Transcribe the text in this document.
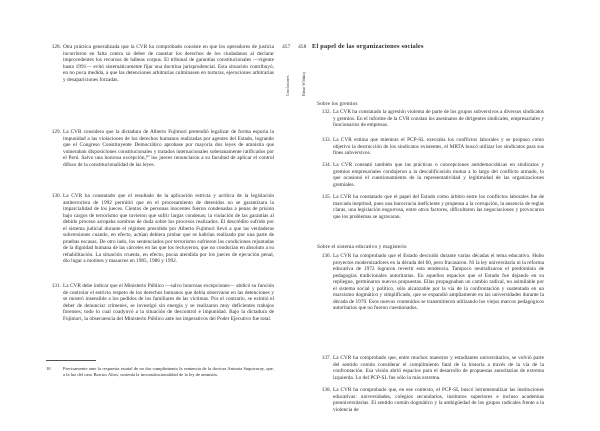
128. Otra práctica generalizada que la CVR ha comprobado consiste en que los operadores de justicia incurrieron en falta contra su deber de cautelar los derechos de los ciudadanos al declarar improcedentes los recursos de hábeas corpus. El tribunal de garantías constitucionales —vigente hasta 1991— evitó sistemáticamente fijar una doctrina jurisprudencial. Esta situación contribuyó, en no poca medida, a que las detenciones arbitrarias culminasen en torturas, ejecuciones arbitrarias y desapariciones forzadas.
129. La CVR considera que la dictadura de Alberto Fujimori pretendió legalizar de forma espuria la impunidad a las violaciones de los derechos humanos realizadas por agentes del Estado, logrando que el Congreso Constituyente Democrático aprobase por mayoría dos leyes de amnistía que vulneraban disposiciones constitucionales y tratados internacionales soberanamente ratificados por el Perú. Salvo una honrosa excepción,¹⁰ los jueces renunciaron a su facultad de aplicar el control difuso de la constitucionalidad de las leyes.
130. La CVR ha constatado que el resultado de la aplicación estricta y acrítica de la legislación antiterrorista de 1992 permitió que en el procesamiento de detenidos no se garantizara la imparcialidad de los jueces. Cientos de personas inocentes fueron condenadas a penas de prisión bajo cargos de terrorismo que tuvieron que sufrir largas condenas; la violación de las garantías al debido proceso arropaba sombras de duda sobre los procesos realizados. El descrédito sufrido por el sistema judicial durante el régimen presidido por Alberto Fujimori llevó a que las verdaderas subversiones cuando, en efecto, actúan debiera probar que se habrían realizado por una parte de pruebas escasas. De otro lado, los sentenciados por terrorismo sufrieron las condiciones rejuntadas de la dignidad humana de las cárceles en las que los recluyeron, que no conducían en absoluto a su rehabilitación. La situación cruenta, en efecto, pocas atendida por los jueces de ejecución penal, dio lugar a motines y masacres en 1985, 1986 y 1992.
131. La CVR debe indicar que el Ministerio Público —salvo honrosas excepciones— abdicó su función de controlar el estricto respeto de los derechos humanos que debía observarse en las detenciones y se mostró insensible a los pedidos de los familiares de las víctimas. Por el contrario, se eximió el deber de denunciar crímenes, se investigó sin energía y se realizaron muy deficientes trabajos forenses; todo lo cual coadyuvó a la situación de descontrol e impunidad. Bajo la dictadura de Fujimori, la obsecuencia del Ministerio Público ante los imperativos del Poder Ejecutivo fue total.
10	Precisamente ante la respuesta estatal de no dar cumplimiento la sentencia de la doctora Antonia Saquicuray, que, a la luz del caso Barrios Altos, sostenía la inconstitucionalidad de la ley de amnistía.
457
Conclusiones
458
Hatun Willakuy
El papel de las organizaciones sociales
Sobre los gremios
132. La CVR ha constatado la agresión violenta de parte de los grupos subversivos a diversos sindicatos y gremios. En el informe de la CVR constan los asesinatos de dirigentes sindicales, empresariales y funcionarios de empresas.
133. La CVR estima que mientras el PCP-SL execraba los conflictos laborales y se propuso como objetivo la destrucción de los sindicatos existentes, el MRTA buscó utilizar los sindicatos para sus fines subversivos.
134. La CVR constató también que las prácticas o concepciones antidemocráticas en sindicatos y gremios empresariales condujeron a la descalificación mutua a lo largo del conflicto armado, lo que ocasionó el cuestionamiento de la representatividad y legitimidad de las organizaciones gremiales.
135. La CVR ha constatado que el papel del Estado como árbitro entre los conflictos laborales fue de marcada ineptitud, pues una burocracia ineficiente y propensa a la corrupción, la ausencia de reglas claras, una legislación engorrosa, entre otros factores, dificultaron las negociaciones y provocaron que los problemas se agravaran.
Sobre el sistema educativo y magisterio
136. La CVR ha comprobado que el Estado descuidó durante varias décadas el tema educativo. Hubo proyectos modernizadores en la década del 60, pero fracasaron. Ni la ley universitaria ni la reforma educativa de 1972 lograron revertir esta tendencia. Tampoco neutralizaron el predominio de pedagogías tradicionales autoritarias. En aquellos espacios que el Estado fue dejando en su repliegue, germinaron nuevos propuestas. Ellas propugnaban un cambio radical, no asimilable por el sistema social y político, sólo alcanzable por la vía de la confrontación y sustentado en un marxismo dogmático y simplificado, que se expandió ampliamente en las universidades durante la década de 1970. Esos nuevos contenidos se transmitieron utilizando los viejos marcos pedagógicos autoritarios que no fueron cuestionados.
137. La CVR ha comprobado que, entre muchos maestros y estudiantes universitarios, se volvió parte del sentido común considerar el cumplimiento fatal de la historia a través de la vía de la confrontación. Esa visión abrió espacios para el desarrollo de propuestas autoritarias de extrema izquierda. Lo del PCP-SL fue sólo la más extrema.
138. La CVR ha comprobado que, en ese contexto, el PCP-SL buscó intrumentalizar las instituciones educativas: universidades, colegios secundarios, institutos superiores e incluso academias preuniversitarias. El sentido común dogmático y la ambigüedad de los grupos radicales frente a la violencia de
